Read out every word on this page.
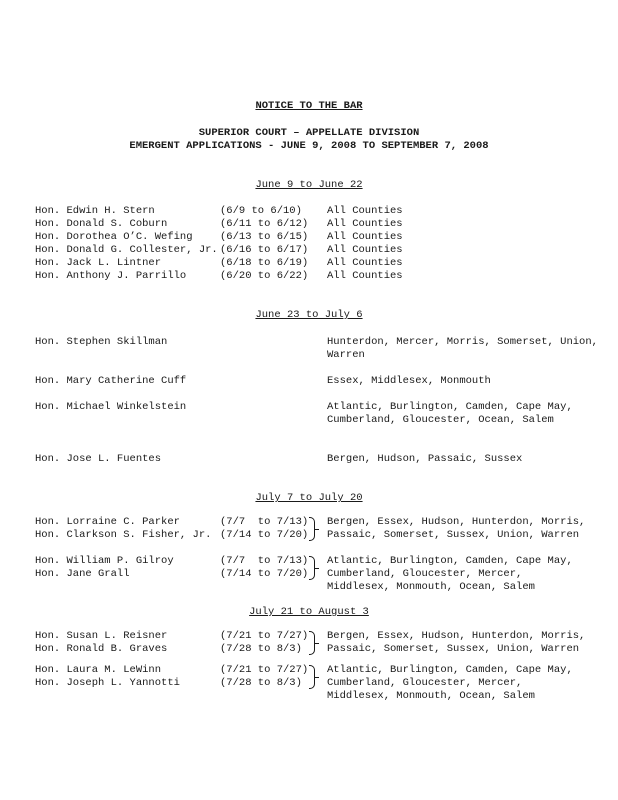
NOTICE TO THE BAR
SUPERIOR COURT – APPELLATE DIVISION
EMERGENT APPLICATIONS - JUNE 9, 2008 TO SEPTEMBER 7, 2008
June 9 to June 22
Hon. Edwin H. Stern	(6/9 to 6/10) All Counties
Hon. Donald S. Coburn	(6/11 to 6/12) All Counties
Hon. Dorothea O’C. Wefing	(6/13 to 6/15) All Counties
Hon. Donald G. Collester, Jr. (6/16 to 6/17) All Counties
Hon. Jack L. Lintner	(6/18 to 6/19) All Counties
Hon. Anthony J. Parrillo	(6/20 to 6/22) All Counties
June 23 to July 6
Hon. Stephen Skillman	Hunterdon, Mercer, Morris, Somerset, Union,
Warren
Hon. Mary Catherine Cuff	Essex, Middlesex, Monmouth
Hon. Michael Winkelstein	Atlantic, Burlington, Camden, Cape May,
Cumberland, Gloucester, Ocean, Salem
Hon. Jose L. Fuentes	Bergen, Hudson, Passaic, Sussex
July 7 to July 20
Hon. Lorraine C. Parker	(7/7  to 7/13)
Hon. Clarkson S. Fisher, Jr. (7/14 to 7/20)
Bergen, Essex, Hudson, Hunterdon, Morris,
Passaic, Somerset, Sussex, Union, Warren
Hon. William P. Gilroy	(7/7  to 7/13)
Hon. Jane Grall	(7/14 to 7/20)
Atlantic, Burlington, Camden, Cape May,
Cumberland, Gloucester, Mercer,
Middlesex, Monmouth, Ocean, Salem
July 21 to August 3
Hon. Susan L. Reisner	(7/21 to 7/27)
Hon. Ronald B. Graves	(7/28 to 8/3)
Bergen, Essex, Hudson, Hunterdon, Morris,
Passaic, Somerset, Sussex, Union, Warren
Hon. Laura M. LeWinn	(7/21 to 7/27)
Hon. Joseph L. Yannotti	(7/28 to 8/3)
Atlantic, Burlington, Camden, Cape May,
Cumberland, Gloucester, Mercer,
Middlesex, Monmouth, Ocean, Salem
